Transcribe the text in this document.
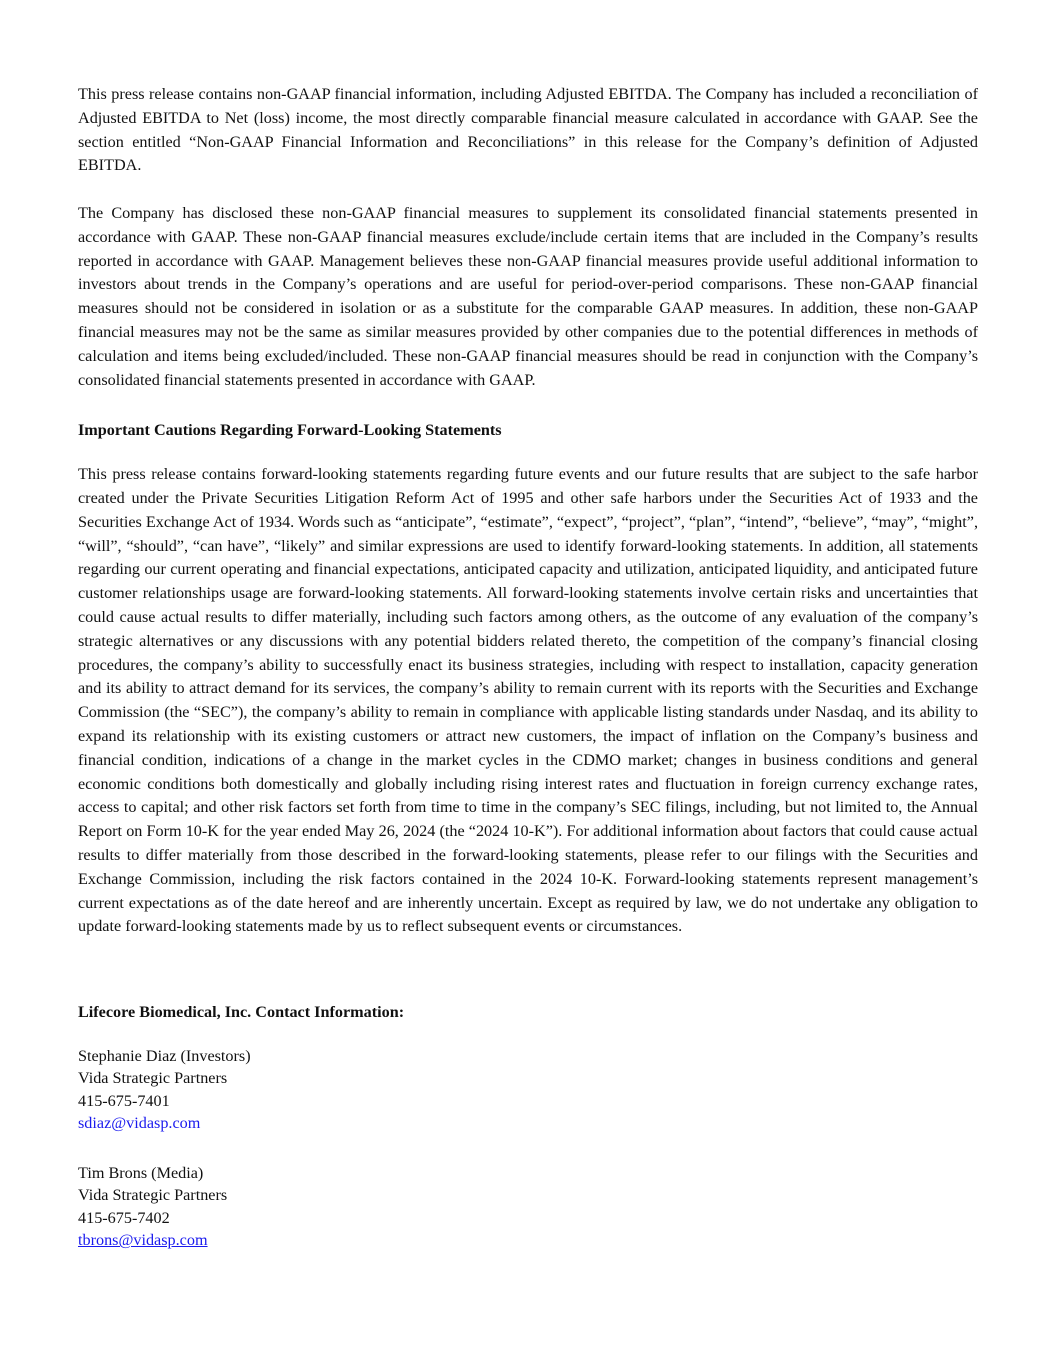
This press release contains non-GAAP financial information, including Adjusted EBITDA. The Company has included a reconciliation of Adjusted EBITDA to Net (loss) income, the most directly comparable financial measure calculated in accordance with GAAP. See the section entitled “Non-GAAP Financial Information and Reconciliations” in this release for the Company’s definition of Adjusted EBITDA.

The Company has disclosed these non-GAAP financial measures to supplement its consolidated financial statements presented in accordance with GAAP. These non-GAAP financial measures exclude/include certain items that are included in the Company’s results reported in accordance with GAAP. Management believes these non-GAAP financial measures provide useful additional information to investors about trends in the Company’s operations and are useful for period-over-period comparisons. These non-GAAP financial measures should not be considered in isolation or as a substitute for the comparable GAAP measures. In addition, these non-GAAP financial measures may not be the same as similar measures provided by other companies due to the potential differences in methods of calculation and items being excluded/included. These non-GAAP financial measures should be read in conjunction with the Company’s consolidated financial statements presented in accordance with GAAP.

Important Cautions Regarding Forward-Looking Statements

This press release contains forward-looking statements regarding future events and our future results that are subject to the safe harbor created under the Private Securities Litigation Reform Act of 1995 and other safe harbors under the Securities Act of 1933 and the Securities Exchange Act of 1934. Words such as “anticipate”, “estimate”, “expect”, “project”, “plan”, “intend”, “believe”, “may”, “might”, “will”, “should”, “can have”, “likely” and similar expressions are used to identify forward-looking statements. In addition, all statements regarding our current operating and financial expectations, anticipated capacity and utilization, anticipated liquidity, and anticipated future customer relationships usage are forward-looking statements. All forward-looking statements involve certain risks and uncertainties that could cause actual results to differ materially, including such factors among others, as the outcome of any evaluation of the company’s strategic alternatives or any discussions with any potential bidders related thereto, the competition of the company’s financial closing procedures, the company’s ability to successfully enact its business strategies, including with respect to installation, capacity generation and its ability to attract demand for its services, the company’s ability to remain current with its reports with the Securities and Exchange Commission (the “SEC”), the company’s ability to remain in compliance with applicable listing standards under Nasdaq, and its ability to expand its relationship with its existing customers or attract new customers, the impact of inflation on the Company’s business and financial condition, indications of a change in the market cycles in the CDMO market; changes in business conditions and general economic conditions both domestically and globally including rising interest rates and fluctuation in foreign currency exchange rates, access to capital; and other risk factors set forth from time to time in the company’s SEC filings, including, but not limited to, the Annual Report on Form 10-K for the year ended May 26, 2024 (the “2024 10-K”). For additional information about factors that could cause actual results to differ materially from those described in the forward-looking statements, please refer to our filings with the Securities and Exchange Commission, including the risk factors contained in the 2024 10-K. Forward-looking statements represent management’s current expectations as of the date hereof and are inherently uncertain. Except as required by law, we do not undertake any obligation to update forward-looking statements made by us to reflect subsequent events or circumstances.

Lifecore Biomedical, Inc. Contact Information:

Stephanie Diaz (Investors)
Vida Strategic Partners
415-675-7401
sdiaz@vidasp.com
Tim Brons (Media)
Vida Strategic Partners
415-675-7402
tbrons@vidasp.com
